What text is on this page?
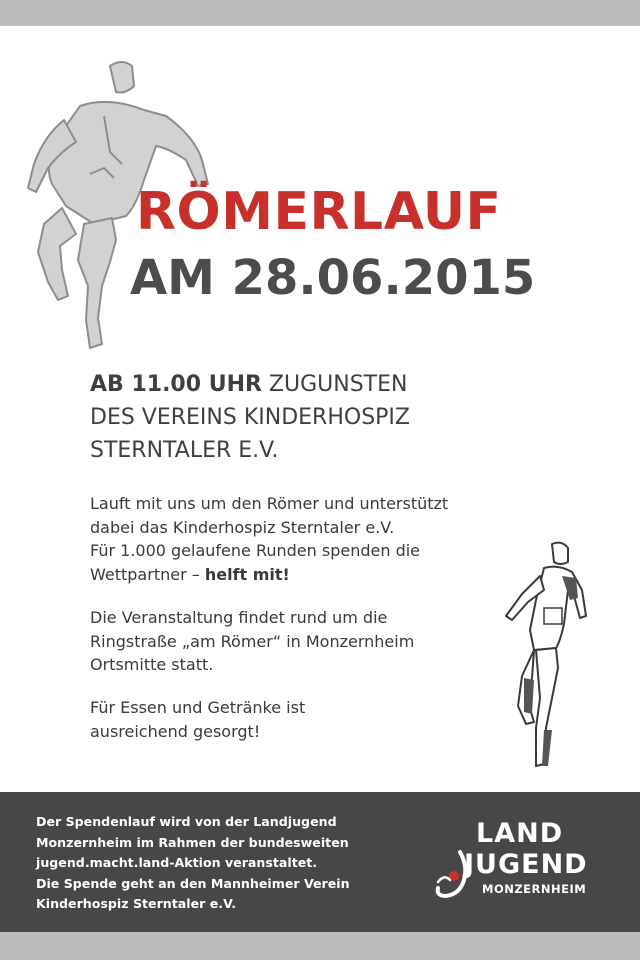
RÖMERLAUF
AM 28.06.2015
AB 11.00 UHR ZUGUNSTEN
DES VEREINS KINDERHOSPIZ
STERNTALER E.V.
Lauft mit uns um den Römer und unterstützt
dabei das Kinderhospiz Sterntaler e.V.
Für 1.000 gelaufene Runden spenden die
Wettpartner – helft mit!
Die Veranstaltung findet rund um die
Ringstraße „am Römer“ in Monzernheim
Ortsmitte statt.
Für Essen und Getränke ist
ausreichend gesorgt!
Der Spendenlauf wird von der Landjugend
Monzernheim im Rahmen der bundesweiten
jugend.macht.land-Aktion veranstaltet.
Die Spende geht an den Mannheimer Verein
Kinderhospiz Sterntaler e.V.
LAND
JUGEND
MONZERNHEIM
